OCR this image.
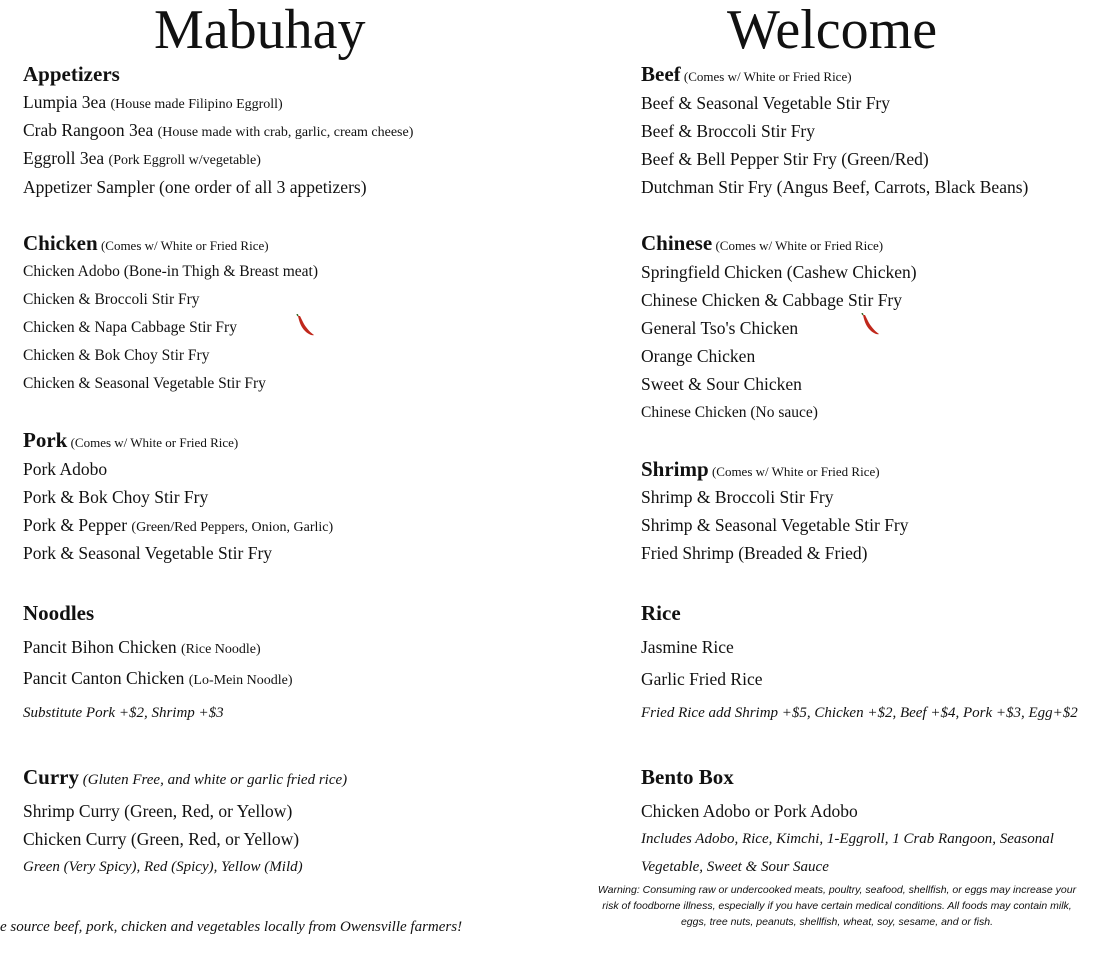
Mabuhay
Appetizers
Lumpia 3ea (House made Filipino Eggroll)
Crab Rangoon 3ea (House made with crab, garlic, cream cheese)
Eggroll 3ea (Pork Eggroll w/vegetable)
Appetizer Sampler (one order of all 3 appetizers)
Chicken (Comes w/ White or Fried Rice)
Chicken Adobo (Bone-in Thigh & Breast meat)
Chicken & Broccoli Stir Fry
Chicken & Napa Cabbage Stir Fry
Chicken & Bok Choy Stir Fry
Chicken & Seasonal Vegetable Stir Fry
Pork (Comes w/ White or Fried Rice)
Pork Adobo
Pork & Bok Choy Stir Fry
Pork & Pepper (Green/Red Peppers, Onion, Garlic)
Pork & Seasonal Vegetable Stir Fry
Noodles
Pancit Bihon Chicken (Rice Noodle)
Pancit Canton Chicken (Lo-Mein Noodle)
Substitute Pork +$2, Shrimp +$3
Curry (Gluten Free, and white or garlic fried rice)
Shrimp Curry (Green, Red, or Yellow)
Chicken Curry (Green, Red, or Yellow)
Green (Very Spicy), Red (Spicy), Yellow (Mild)
e source beef, pork, chicken and vegetables locally from Owensville farmers!
Welcome
Beef (Comes w/ White or Fried Rice)
Beef & Seasonal Vegetable Stir Fry
Beef & Broccoli Stir Fry
Beef & Bell Pepper Stir Fry (Green/Red)
Dutchman Stir Fry (Angus Beef, Carrots, Black Beans)
Chinese (Comes w/ White or Fried Rice)
Springfield Chicken (Cashew Chicken)
Chinese Chicken & Cabbage Stir Fry
General Tso's Chicken
Orange Chicken
Sweet & Sour Chicken
Chinese Chicken (No sauce)
Shrimp (Comes w/ White or Fried Rice)
Shrimp & Broccoli Stir Fry
Shrimp & Seasonal Vegetable Stir Fry
Fried Shrimp (Breaded & Fried)
Rice
Jasmine Rice
Garlic Fried Rice
Fried Rice add Shrimp +$5, Chicken +$2, Beef +$4, Pork +$3, Egg+$2
Bento Box
Chicken Adobo or Pork Adobo
Includes Adobo, Rice, Kimchi, 1-Eggroll, 1 Crab Rangoon, Seasonal
Vegetable, Sweet & Sour Sauce
Warning: Consuming raw or undercooked meats, poultry, seafood, shellfish, or eggs may increase your risk of foodborne illness, especially if you have certain medical conditions. All foods may contain milk, eggs, tree nuts, peanuts, shellfish, wheat, soy, sesame, and or fish.
